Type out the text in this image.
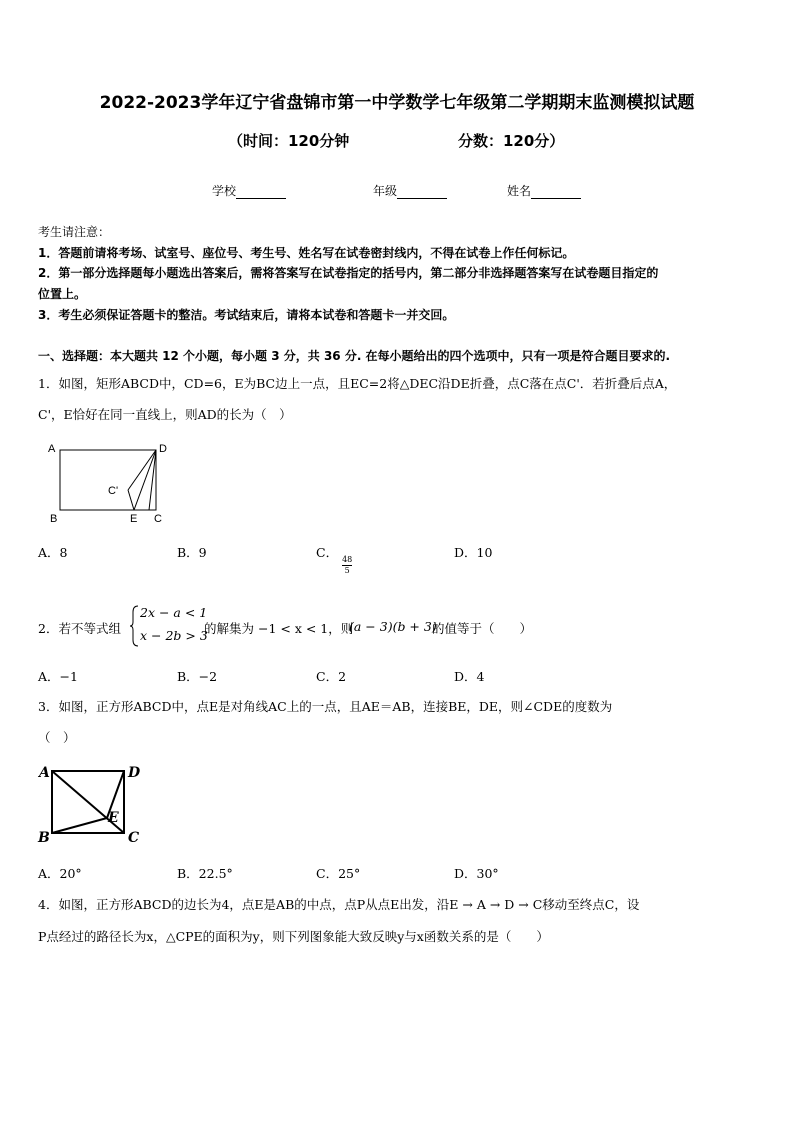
2022-2023学年辽宁省盘锦市第一中学数学七年级第二学期期末监测模拟试题
（时间：120分钟	分数：120分）
学校	年级	姓名
考生请注意：
1．答题前请将考场、试室号、座位号、考生号、姓名写在试卷密封线内，不得在试卷上作任何标记。
2．第一部分选择题每小题选出答案后，需将答案写在试卷指定的括号内，第二部分非选择题答案写在试卷题目指定的
位置上。
3．考生必须保证答题卡的整洁。考试结束后，请将本试卷和答题卡一并交回。
一、选择题：本大题共 12 个小题，每小题 3 分，共 36 分. 在每小题给出的四个选项中，只有一项是符合题目要求的.
1．如图，矩形ABCD中，CD=6，E为BC边上一点，且EC=2将△DEC沿DE折叠，点C落在点C'．若折叠后点A，
C'，E恰好在同一直线上，则AD的长为（　）
A	D
B	E C
C'
A．8	B．9	C．
$\frac{48}{5}$
D．10
2．若不等式组
2x − a < 1
x − 2b > 3
的解集为 −1 < x < 1，则
(a − 3)(b + 3)
的值等于（　　）
A．−1	B．−2	C．2	D．4
3．如图，正方形ABCD中，点E是对角线AC上的一点，且AE＝AB，连接BE，DE，则∠CDE的度数为
（　）
A	D
B	C
E
A．20°	B．22.5°	C．25°	D．30°
4．如图，正方形ABCD的边长为4，点E是AB的中点，点P从点E出发，沿E → A → D → C移动至终点C，设
P点经过的路径长为x，△CPE的面积为y，则下列图象能大致反映y与x函数关系的是（　　）
